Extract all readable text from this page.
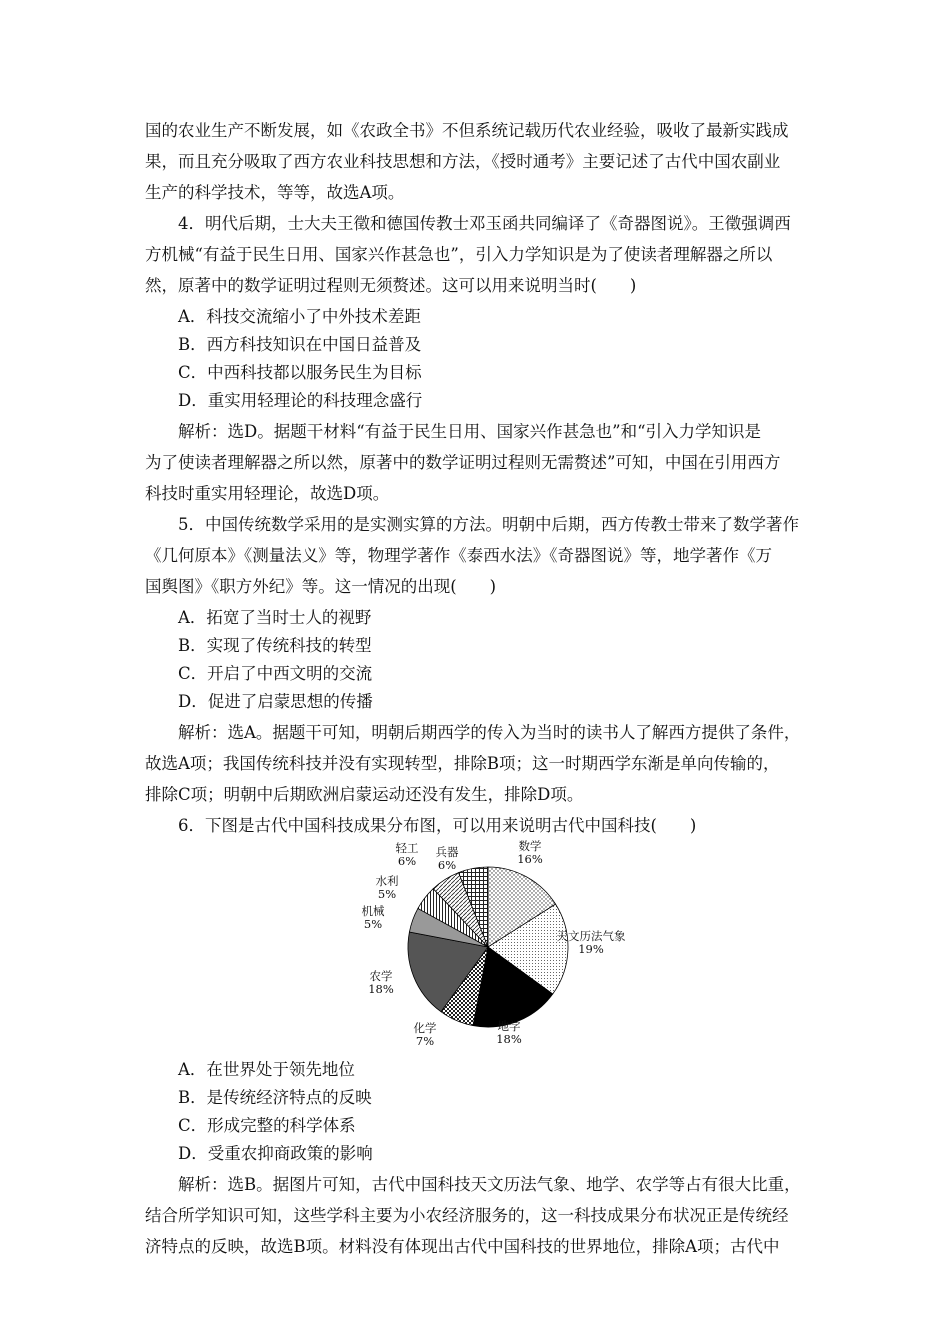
国的农业生产不断发展，如《农政全书》不但系统记载历代农业经验，吸收了最新实践成
果，而且充分吸取了西方农业科技思想和方法，《授时通考》主要记述了古代中国农副业
生产的科学技术，等等，故选A项。
4．明代后期，士大夫王徵和德国传教士邓玉函共同编译了《奇器图说》。王徵强调西
方机械“有益于民生日用、国家兴作甚急也”，引入力学知识是为了使读者理解器之所以
然，原著中的数学证明过程则无须赘述。这可以用来说明当时(　　)
A．科技交流缩小了中外技术差距
B．西方科技知识在中国日益普及
C．中西科技都以服务民生为目标
D．重实用轻理论的科技理念盛行
解析：选D。据题干材料“有益于民生日用、国家兴作甚急也”和“引入力学知识是
为了使读者理解器之所以然，原著中的数学证明过程则无需赘述”可知，中国在引用西方
科技时重实用轻理论，故选D项。
5．中国传统数学采用的是实测实算的方法。明朝中后期，西方传教士带来了数学著作
《几何原本》《测量法义》等，物理学著作《泰西水法》《奇器图说》等，地学著作《万
国舆图》《职方外纪》等。这一情况的出现(　　)
A．拓宽了当时士人的视野
B．实现了传统科技的转型
C．开启了中西文明的交流
D．促进了启蒙思想的传播
解析：选A。据题干可知，明朝后期西学的传入为当时的读书人了解西方提供了条件，
故选A项；我国传统科技并没有实现转型，排除B项；这一时期西学东渐是单向传输的，
排除C项；明朝中后期欧洲启蒙运动还没有发生，排除D项。
6．下图是古代中国科技成果分布图，可以用来说明古代中国科技(　　)
数学
16%
天文历法气象
19%
地学
18%
化学
7%
农学
18%
机械
5%
水利
5%
轻工
6%
兵器
6%
A．在世界处于领先地位
B．是传统经济特点的反映
C．形成完整的科学体系
D．受重农抑商政策的影响
解析：选B。据图片可知，古代中国科技天文历法气象、地学、农学等占有很大比重，
结合所学知识可知，这些学科主要为小农经济服务的，这一科技成果分布状况正是传统经
济特点的反映，故选B项。材料没有体现出古代中国科技的世界地位，排除A项；古代中
